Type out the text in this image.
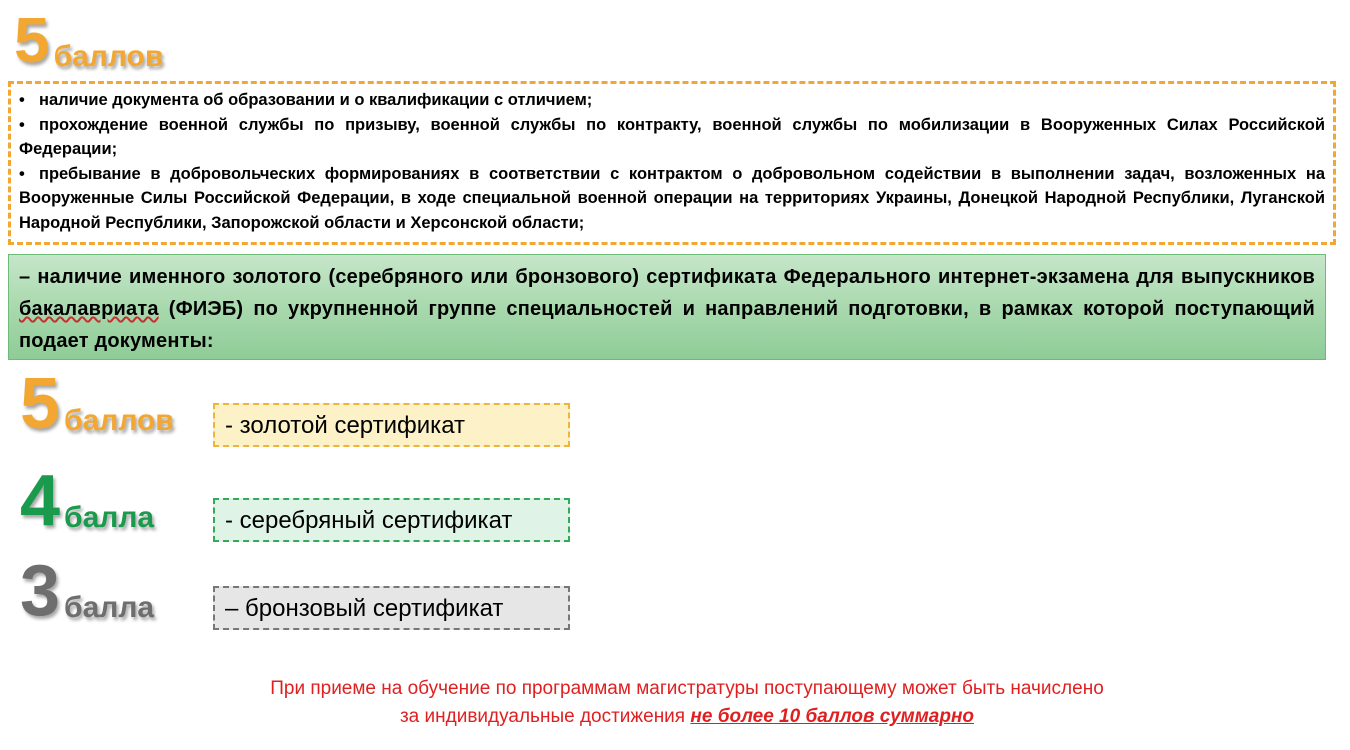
5 баллов
• наличие документа об образовании и о квалификации с отличием;
• прохождение военной службы по призыву, военной службы по контракту, военной службы по мобилизации в Вооруженных Силах Российской Федерации;
• пребывание в добровольческих формированиях в соответствии с контрактом о добровольном содействии в выполнении задач, возложенных на Вооруженные Силы Российской Федерации, в ходе специальной военной операции на территориях Украины, Донецкой Народной Республики, Луганской Народной Республики, Запорожской области и Херсонской области;
– наличие именного золотого (серебряного или бронзового) сертификата Федерального интернет-экзамена для выпускников бакалавриата (ФИЭБ) по укрупненной группе специальностей и направлений подготовки, в рамках которой поступающий подает документы:
5 баллов	- золотой сертификат
4 балла	- серебряный сертификат
3 балла	– бронзовый сертификат
При приеме на обучение по программам магистратуры поступающему может быть начислено
за индивидуальные достижения не более 10 баллов суммарно
